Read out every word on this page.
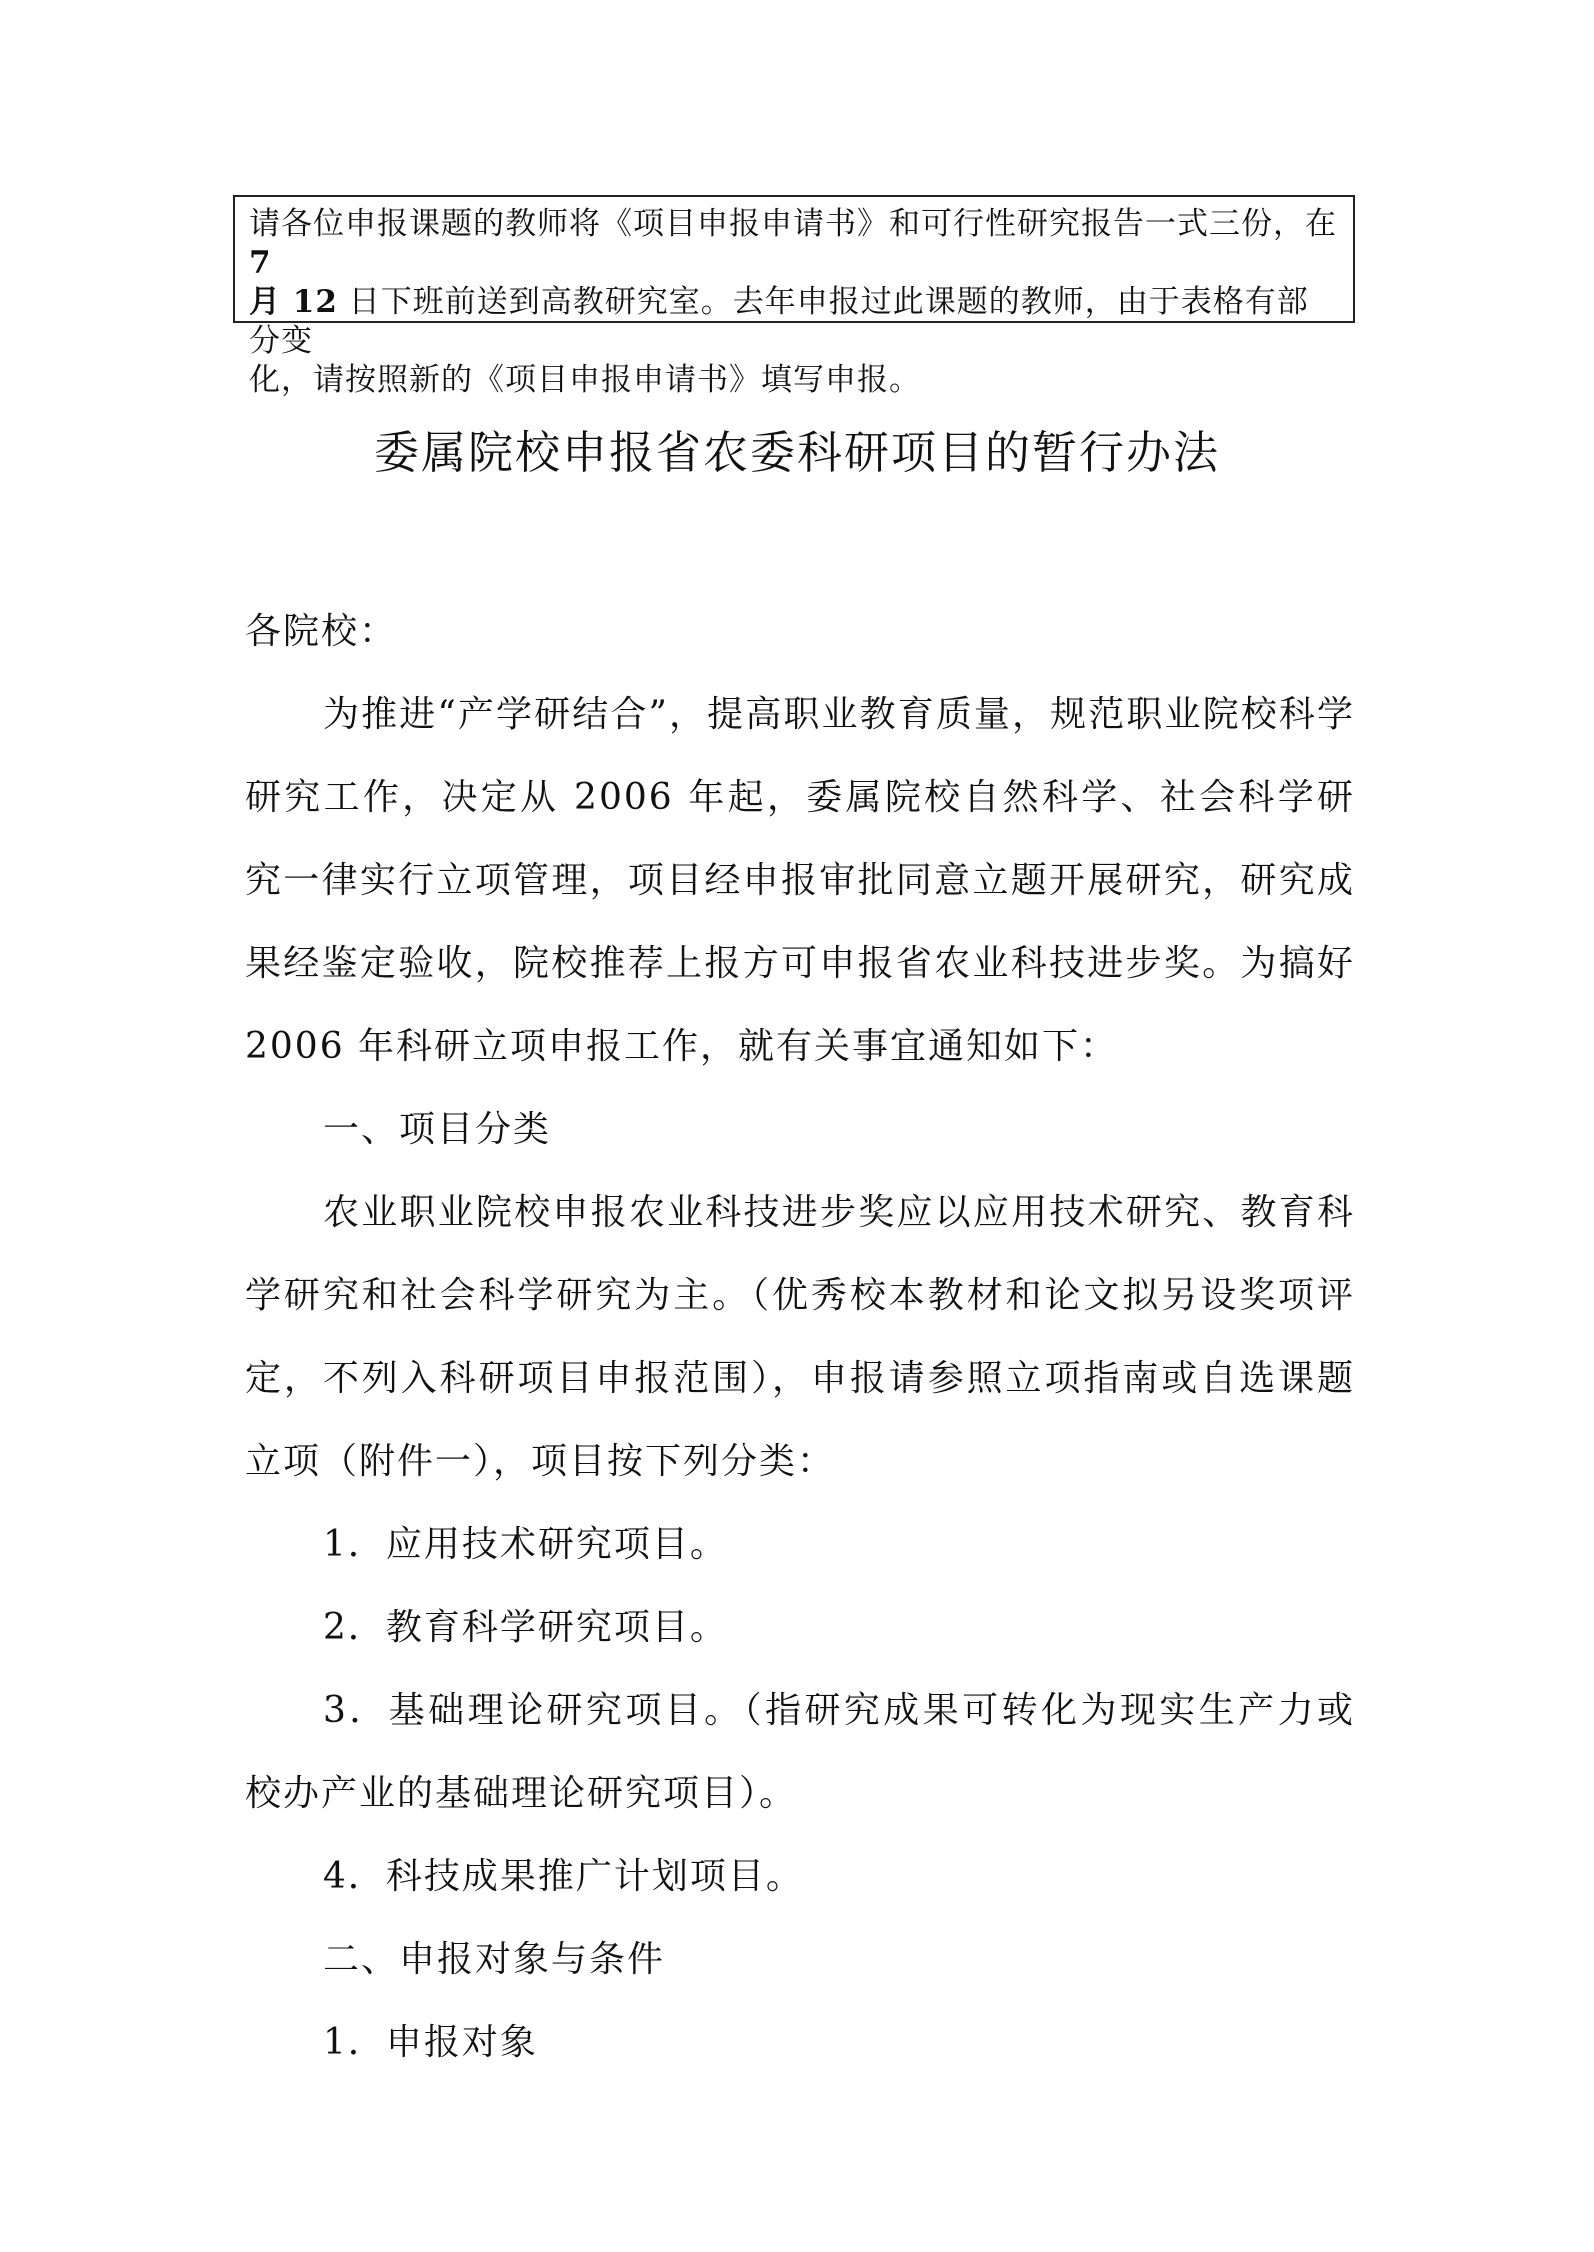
请各位申报课题的教师将《项目申报申请书》和可行性研究报告一式三份，在7
月 12 日下班前送到高教研究室。去年申报过此课题的教师，由于表格有部分变
化，请按照新的《项目申报申请书》填写申报。
委属院校申报省农委科研项目的暂行办法

各院校：

为推进“产学研结合”，提高职业教育质量，规范职业院校科学研究工作，决定从 2006 年起，委属院校自然科学、社会科学研究一律实行立项管理，项目经申报审批同意立题开展研究，研究成果经鉴定验收，院校推荐上报方可申报省农业科技进步奖。为搞好 2006 年科研立项申报工作，就有关事宜通知如下：

一、项目分类

农业职业院校申报农业科技进步奖应以应用技术研究、教育科学研究和社会科学研究为主。（优秀校本教材和论文拟另设奖项评定，不列入科研项目申报范围），申报请参照立项指南或自选课题立项（附件一），项目按下列分类：

1．应用技术研究项目。

2．教育科学研究项目。

3．基础理论研究项目。（指研究成果可转化为现实生产力或校办产业的基础理论研究项目）。

4．科技成果推广计划项目。

二、申报对象与条件

1．申报对象
